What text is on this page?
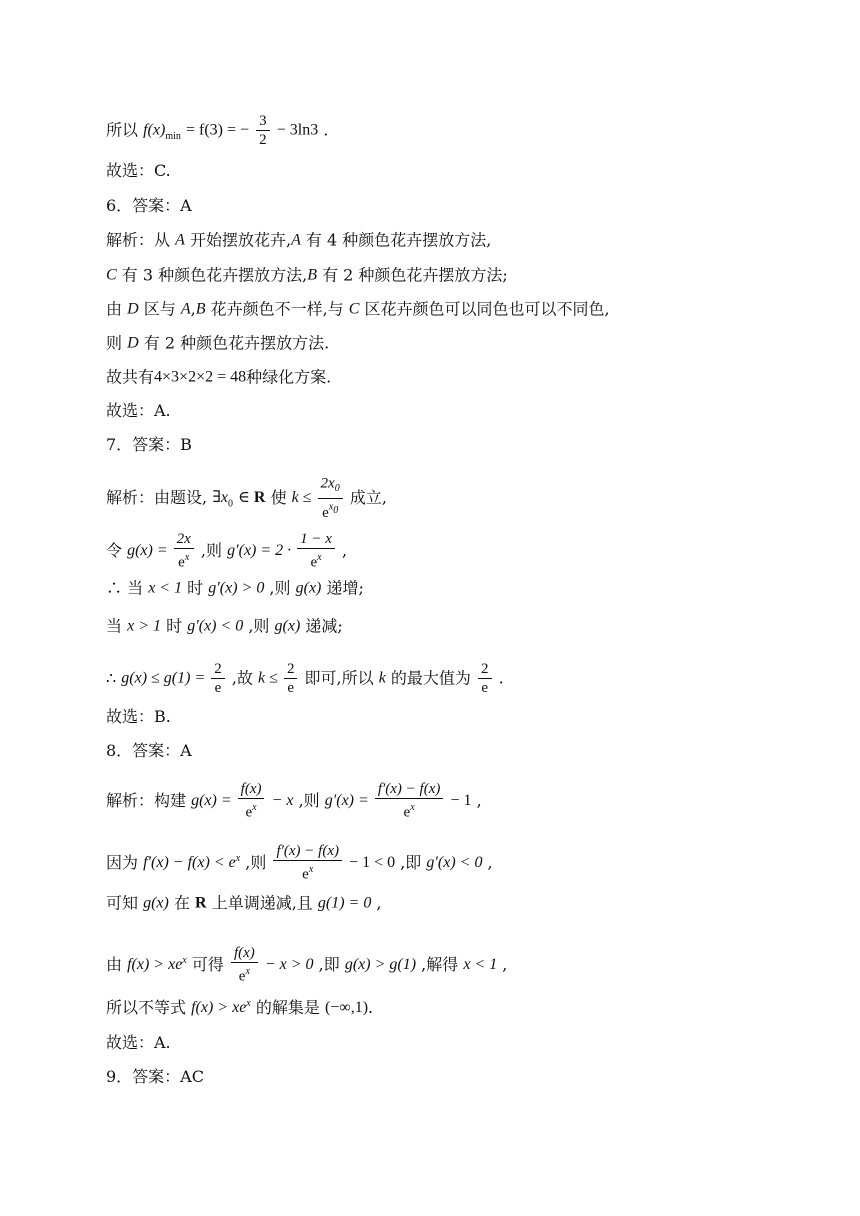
所以 $f(x)_{min} = f(3)$ = − $\frac{3}{2} - 3\ln 3$ .
故选：C.
6．答案：A
解析：从 A 开始摆放花卉,A 有 4 种颜色花卉摆放方法,
C 有 3 种颜色花卉摆放方法,B 有 2 种颜色花卉摆放方法;
由 D 区与 A,B 花卉颜色不一样,与 C 区花卉颜色可以同色也可以不同色,
则 D 有 2 种颜色花卉摆放方法.
故共有4×3×2×2 = 48种绿化方案.
故选：A.
7．答案：B
解析：由题设, $\exists x_0$ ∈ R 使 $k \le \frac{2x_0}{e^{x_0}}$ 成立,
令 $g(x) = \frac{2x}{e^x}$ ,则 $g'(x) = 2 \cdot \frac{1 - x}{e^x}$ ,
∴ 当 x < 1 时 g′(x) > 0 ,则 g(x) 递增;
当 x > 1 时 g′(x) < 0 ,则 g(x) 递减;
∴ $g(x) \le g(1) = \frac{2}{e}$ ,故 $k \le \frac{2}{e}$ 即可,所以 k 的最大值为 $\frac{2}{e}$ .
故选：B.
8．答案：A
解析：构建 $g(x) = \frac{f(x)}{e^x} - x$ ,则 $g'(x) = \frac{f'(x) - f(x)}{e^x} - 1$ ,
因为 $f'(x) - f(x) < e^x$ ,则 $\frac{f'(x) - f(x)}{e^x} - 1 < 0$ ,即 g′(x) < 0 ,
可知 g(x) 在 R 上单调递减,且 g(1) = 0 ,
由 $f(x) > xe^x$ 可得 $\frac{f(x)}{e^x} - x > 0$ ,即 g(x) > g(1) ,解得 x < 1 ,
所以不等式 $f(x) > xe^x$ 的解集是 (−∞,1).
故选：A.
9．答案：AC
